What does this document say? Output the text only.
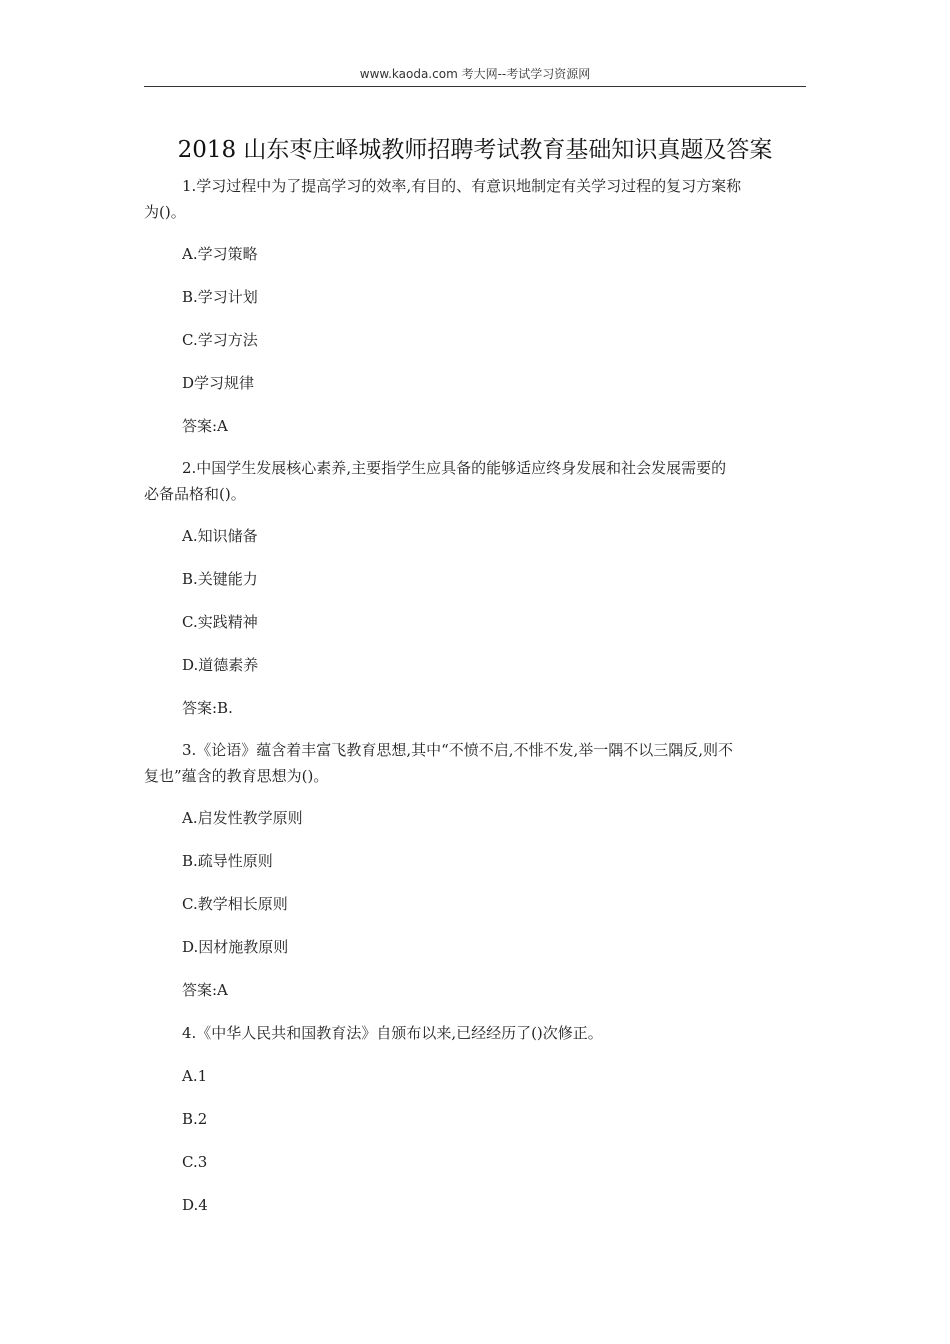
www.kaoda.com 考大网--考试学习资源网
2018 山东枣庄峄城教师招聘考试教育基础知识真题及答案
1.学习过程中为了提高学习的效率,有目的、有意识地制定有关学习过程的复习方案称
为()。
A.学习策略
B.学习计划
C.学习方法
D学习规律
答案:A
2.中国学生发展核心素养,主要指学生应具备的能够适应终身发展和社会发展需要的
必备品格和()。
A.知识储备
B.关键能力
C.实践精神
D.道德素养
答案:B.
3.《论语》蕴含着丰富飞教育思想,其中“不愤不启,不悱不发,举一隅不以三隅反,则不
复也”蕴含的教育思想为()。
A.启发性教学原则
B.疏导性原则
C.教学相长原则
D.因材施教原则
答案:A
4.《中华人民共和国教育法》自颁布以来,已经经历了()次修正。
A.1
B.2
C.3
D.4
